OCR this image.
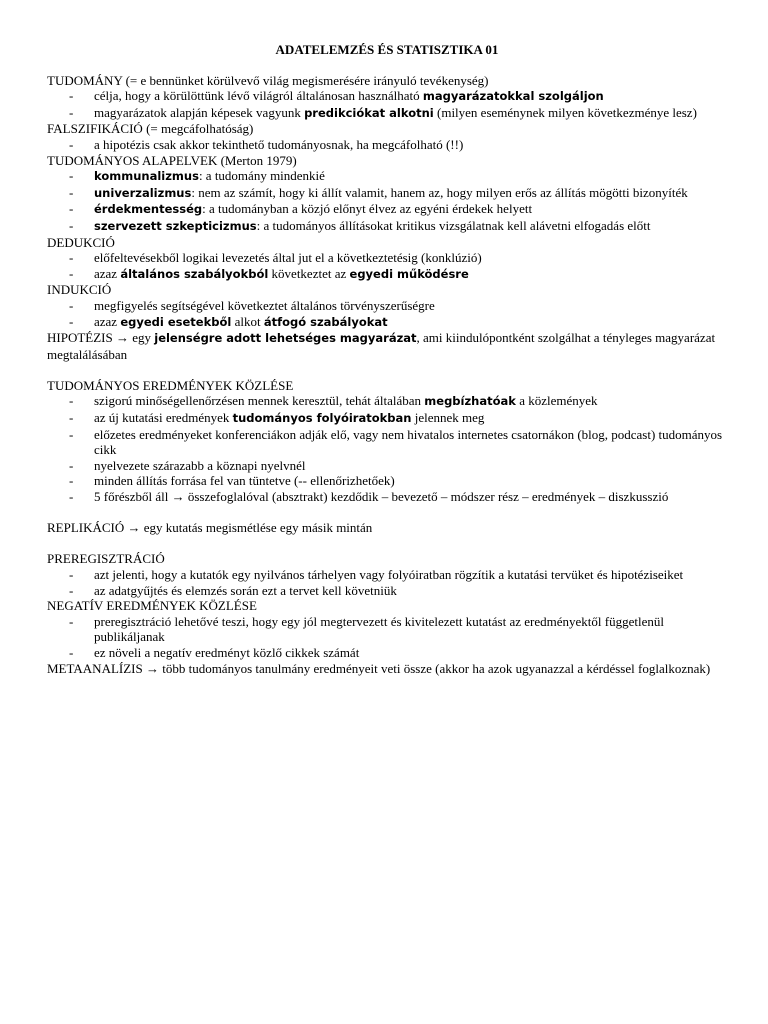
ADATELEMZÉS ÉS STATISZTIKA 01
TUDOMÁNY (= e bennünket körülvevő világ megismerésére irányuló tevékenység)
- célja, hogy a körülöttünk lévő világról általánosan használható magyarázatokkal szolgáljon
- magyarázatok alapján képesek vagyunk predikciókat alkotni (milyen eseménynek milyen következménye lesz)
FALSZIFIKÁCIÓ (= megcáfolhatóság)
- a hipotézis csak akkor tekinthető tudományosnak, ha megcáfolható (!!)
TUDOMÁNYOS ALAPELVEK (Merton 1979)
- kommunalizmus: a tudomány mindenkié
- univerzalizmus: nem az számít, hogy ki állít valamit, hanem az, hogy milyen erős az állítás mögötti bizonyíték
- érdekmentesség: a tudományban a közjó előnyt élvez az egyéni érdekek helyett
- szervezett szkepticizmus: a tudományos állításokat kritikus vizsgálatnak kell alávetni elfogadás előtt
DEDUKCIÓ
- előfeltevésekből logikai levezetés által jut el a következtetésig (konklúzió)
- azaz általános szabályokból következtet az egyedi működésre
INDUKCIÓ
- megfigyelés segítségével következtet általános törvényszerűségre
- azaz egyedi esetekből alkot átfogó szabályokat
HIPOTÉZIS → egy jelenségre adott lehetséges magyarázat, ami kiindulópontként szolgálhat a tényleges magyarázat megtalálásában
TUDOMÁNYOS EREDMÉNYEK KÖZLÉSE
- szigorú minőségellenőrzésen mennek keresztül, tehát általában megbízhatóak a közlemények
- az új kutatási eredmények tudományos folyóiratokban jelennek meg
- előzetes eredményeket konferenciákon adják elő, vagy nem hivatalos internetes csatornákon (blog, podcast) tudományos cikk
- nyelvezete szárazabb a köznapi nyelvnél
- minden állítás forrása fel van tüntetve (-- ellenőrizhetőek)
- 5 főrészből áll → összefoglalóval (absztrakt) kezdődik – bevezető – módszer rész – eredmények – diszkusszió
REPLIKÁCIÓ → egy kutatás megismétlése egy másik mintán
PREREGISZTRÁCIÓ
- azt jelenti, hogy a kutatók egy nyilvános tárhelyen vagy folyóiratban rögzítik a kutatási tervüket és hipotéziseiket
- az adatgyűjtés és elemzés során ezt a tervet kell követniük
NEGATÍV EREDMÉNYEK KÖZLÉSE
- preregisztráció lehetővé teszi, hogy egy jól megtervezett és kivitelezett kutatást az eredményektől függetlenül publikáljanak
- ez növeli a negatív eredményt közlő cikkek számát
METAANALÍZIS → több tudományos tanulmány eredményeit veti össze (akkor ha azok ugyanazzal a kérdéssel foglalkoznak)
